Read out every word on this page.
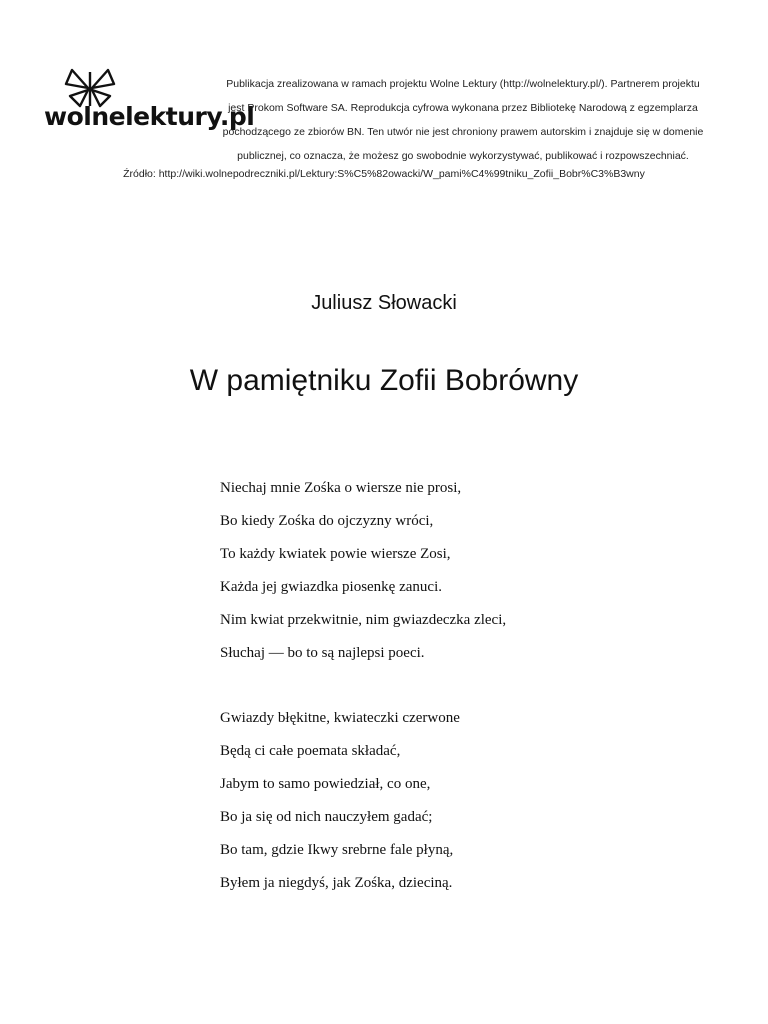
wolnelektury.pl
Publikacja zrealizowana w ramach projektu Wolne Lektury (http://wolnelektury.pl/). Partnerem projektu
jest Prokom Software SA. Reprodukcja cyfrowa wykonana przez Bibliotekę Narodową z egzemplarza
pochodzącego ze zbiorów BN. Ten utwór nie jest chroniony prawem autorskim i znajduje się w domenie
publicznej, co oznacza, że możesz go swobodnie wykorzystywać, publikować i rozpowszechniać.
Źródło: http://wiki.wolnepodreczniki.pl/Lektury:S%C5%82owacki/W_pami%C4%99tniku_Zofii_Bobr%C3%B3wny
Juliusz Słowacki
W pamiętniku Zofii Bobrówny
Niechaj mnie Zośka o wiersze nie prosi,
Bo kiedy Zośka do ojczyzny wróci,
To każdy kwiatek powie wiersze Zosi,
Każda jej gwiazdka piosenkę zanuci.
Nim kwiat przekwitnie, nim gwiazdeczka zleci,
Słuchaj — bo to są najlepsi poeci.
Gwiazdy błękitne, kwiateczki czerwone
Będą ci całe poemata składać,
Jabym to samo powiedział, co one,
Bo ja się od nich nauczyłem gadać;
Bo tam, gdzie Ikwy srebrne fale płyną,
Byłem ja niegdyś, jak Zośka, dzieciną.
